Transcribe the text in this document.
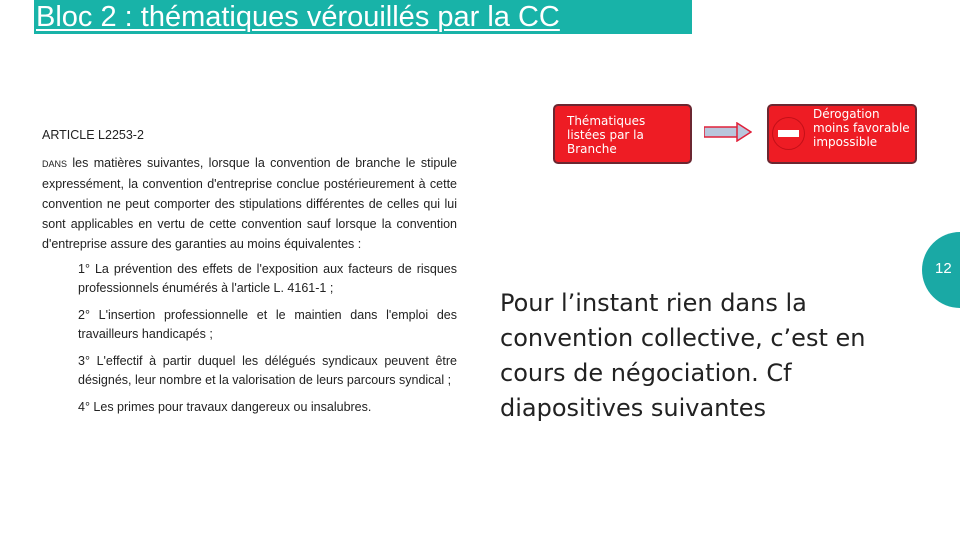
Bloc 2 : thématiques vérouillés par la CC
ARTICLE L2253-2
DANS les matières suivantes, lorsque la convention de branche le stipule expressément, la convention d'entreprise conclue postérieurement à cette convention ne peut comporter des stipulations différentes de celles qui lui sont applicables en vertu de cette convention sauf lorsque la convention d'entreprise assure des garanties au moins équivalentes :
1° La prévention des effets de l'exposition aux facteurs de risques professionnels énumérés à l'article L. 4161-1 ;
2° L'insertion professionnelle et le maintien dans l'emploi des travailleurs handicapés ;
3° L'effectif à partir duquel les délégués syndicaux peuvent être désignés, leur nombre et la valorisation de leurs parcours syndical ;
4° Les primes pour travaux dangereux ou insalubres.
Thématiques listées par la Branche
Dérogation moins favorable impossible
12
Pour l’instant rien dans la convention collective, c’est en cours de négociation. Cf diapositives suivantes
